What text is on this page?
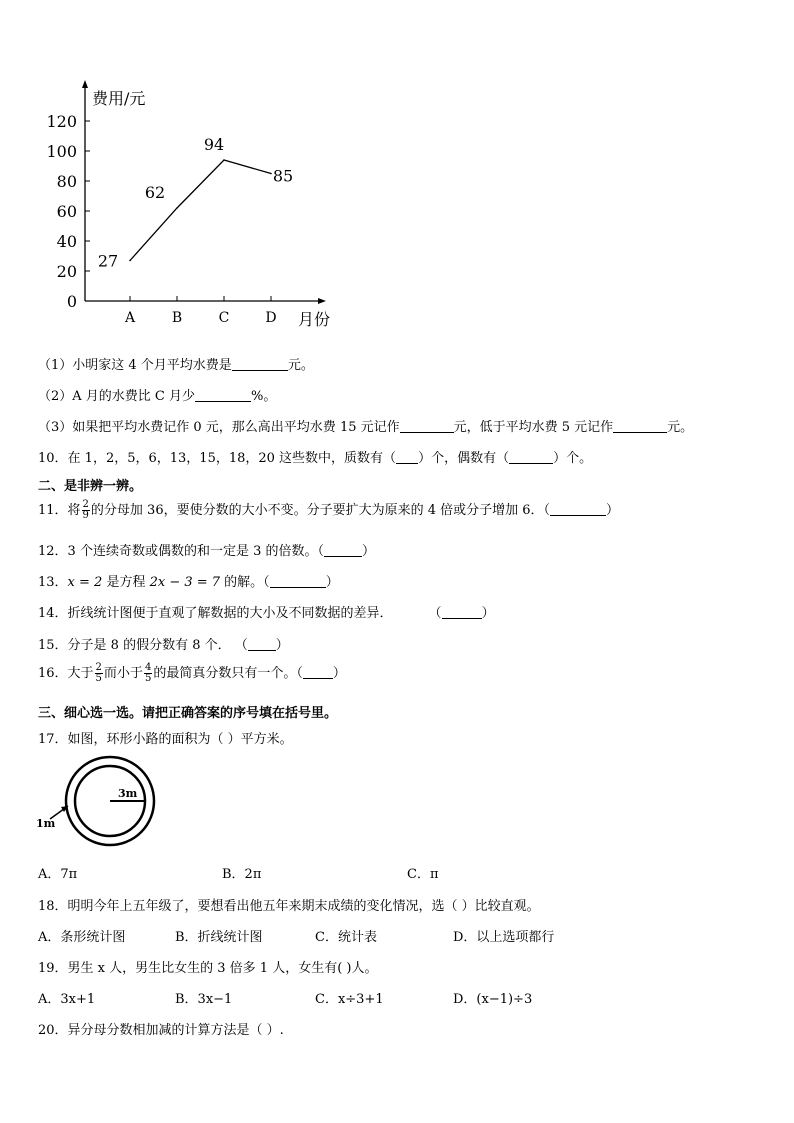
0
20
40
60
80
100
120
A	B	C	D
27
62
94
85
费用/元
月份
（1）小明家这 4 个月平均水费是	元。
（2）A 月的水费比 C 月少	%。
（3）如果把平均水费记作 0 元，那么高出平均水费 15 元记作	元，低于平均水费 5 元记作	元。
10．在 1，2，5，6，13，15，18，20 这些数中，质数有（ ）个，偶数有（	）个。
二、是非辨一辨。
11．将 $\frac{2}{9}$ 的分母加 36，要使分数的大小不变。分子要扩大为原来的 4 倍或分子增加 6．（	）
12．3 个连续奇数或偶数的和一定是 3 的倍数。（	）
13．x = 2 是方程 2x − 3 = 7 的解。（	）
14．折线统计图便于直观了解数据的大小及不同数据的差异．	（	）
15．分子是 8 的假分数有 8 个． （ ）
16．大于 $\frac{2}{5}$ 而小于 $\frac{4}{5}$ 的最简真分数只有一个。（ ）
三、细心选一选。请把正确答案的序号填在括号里。
17．如图，环形小路的面积为（ ）平方米。
3m
1m
A．7π	B．2π	C．π
18．明明今年上五年级了，要想看出他五年来期末成绩的变化情况，选（ ）比较直观。
A．条形统计图	B．折线统计图	C．统计表	D．以上选项都行
19．男生 x 人，男生比女生的 3 倍多 1 人，女生有( )人。
A．3x+1	B．3x−1	C．x÷3+1	D．(x−1)÷3
20．异分母分数相加减的计算方法是（ ）.
